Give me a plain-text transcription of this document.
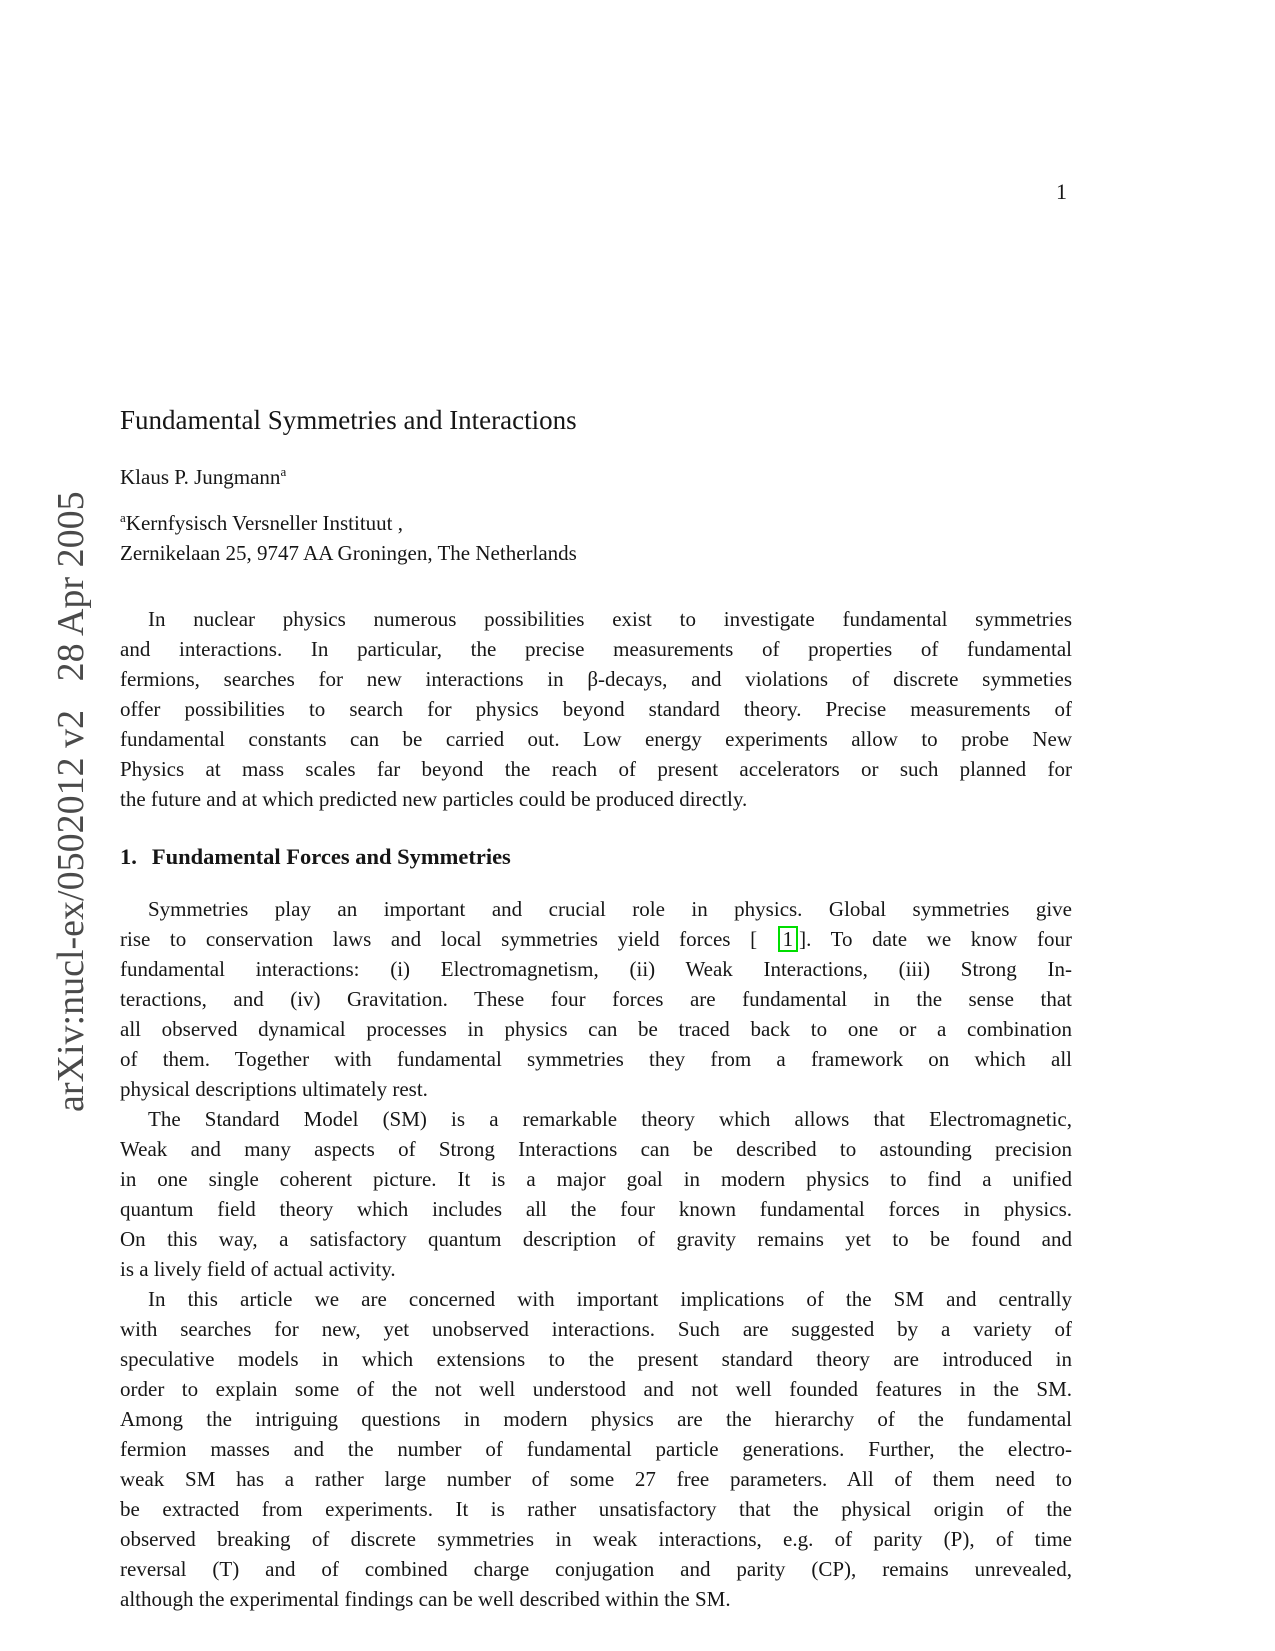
1
arXiv:nucl-ex/0502012 v2   28 Apr 2005
Fundamental Symmetries and Interactions
Klaus P. Jungmann$^a$
$^a$Kernfysisch Versneller Instituut ,
Zernikelaan 25, 9747 AA Groningen, The Netherlands
In nuclear physics numerous possibilities exist to investigate fundamental symmetries
and interactions. In particular, the precise measurements of properties of fundamental
fermions, searches for new interactions in β-decays, and violations of discrete symmeties
offer possibilities to search for physics beyond standard theory. Precise measurements of
fundamental constants can be carried out. Low energy experiments allow to probe New
Physics at mass scales far beyond the reach of present accelerators or such planned for
the future and at which predicted new particles could be produced directly.
1. Fundamental Forces and Symmetries
Symmetries play an important and crucial role in physics. Global symmetries give
rise to conservation laws and local symmetries yield forces [ 1 ]. To date we know four
fundamental interactions: (i) Electromagnetism, (ii) Weak Interactions, (iii) Strong In-
teractions, and (iv) Gravitation. These four forces are fundamental in the sense that
all observed dynamical processes in physics can be traced back to one or a combination
of them. Together with fundamental symmetries they from a framework on which all
physical descriptions ultimately rest.
The Standard Model (SM) is a remarkable theory which allows that Electromagnetic,
Weak and many aspects of Strong Interactions can be described to astounding precision
in one single coherent picture. It is a major goal in modern physics to find a unified
quantum field theory which includes all the four known fundamental forces in physics.
On this way, a satisfactory quantum description of gravity remains yet to be found and
is a lively field of actual activity.
In this article we are concerned with important implications of the SM and centrally
with searches for new, yet unobserved interactions. Such are suggested by a variety of
speculative models in which extensions to the present standard theory are introduced in
order to explain some of the not well understood and not well founded features in the SM.
Among the intriguing questions in modern physics are the hierarchy of the fundamental
fermion masses and the number of fundamental particle generations. Further, the electro-
weak SM has a rather large number of some 27 free parameters. All of them need to
be extracted from experiments. It is rather unsatisfactory that the physical origin of the
observed breaking of discrete symmetries in weak interactions, e.g. of parity (P), of time
reversal (T) and of combined charge conjugation and parity (CP), remains unrevealed,
although the experimental findings can be well described within the SM.
